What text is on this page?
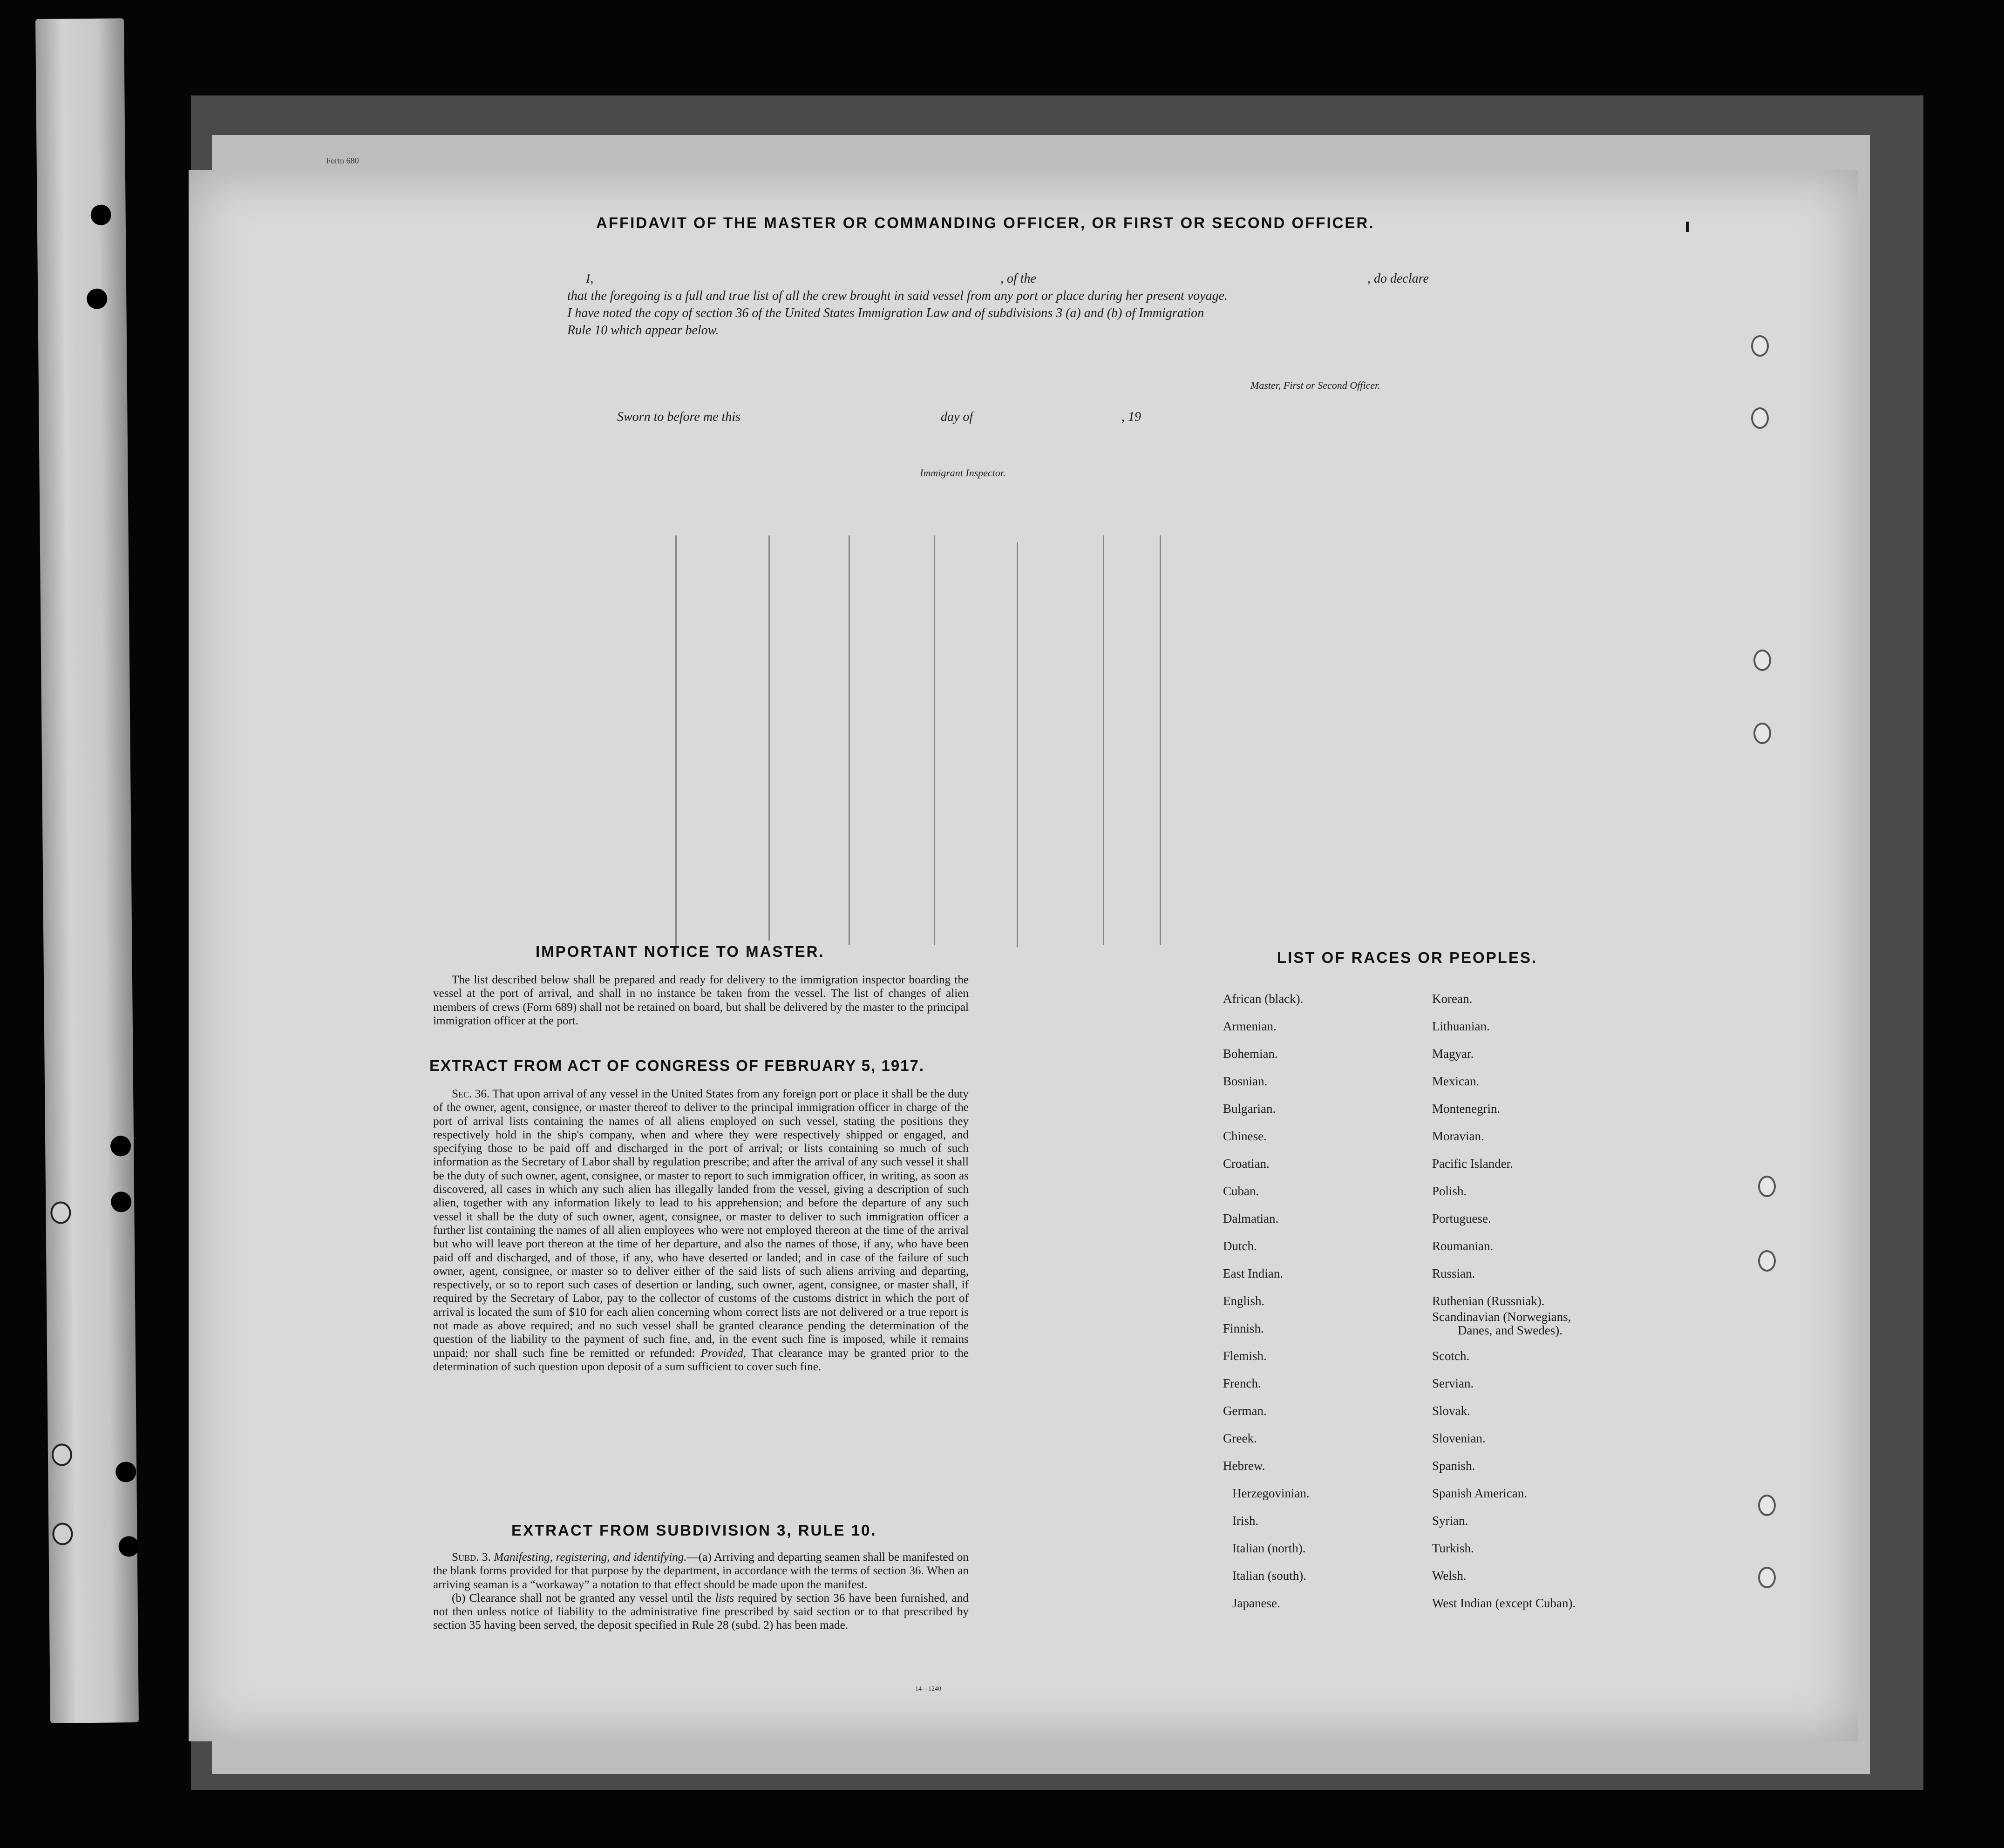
Form 680
AFFIDAVIT OF THE MASTER OR COMMANDING OFFICER, OR FIRST OR SECOND OFFICER.
I,	, of the	, do declare
that the foregoing is a full and true list of all the crew brought in said vessel from any port or place during her present voyage.
I have noted the copy of section 36 of the United States Immigration Law and of subdivisions 3 (a) and (b) of Immigration
Rule 10 which appear below.
Master, First or Second Officer.
Sworn to before me this	day of	, 19
Immigrant Inspector.
IMPORTANT NOTICE TO MASTER.
The list described below shall be prepared and ready for delivery to the immigration inspector boarding the vessel at the port of arrival, and shall in no instance be taken from the vessel. The list of changes of alien members of crews (Form 689) shall not be retained on board, but shall be delivered by the master to the principal immigration officer at the port.
EXTRACT FROM ACT OF CONGRESS OF FEBRUARY 5, 1917.
Sec. 36. That upon arrival of any vessel in the United States from any foreign port or place it shall be the duty of the owner, agent, consignee, or master thereof to deliver to the principal immigration officer in charge of the port of arrival lists containing the names of all aliens employed on such vessel, stating the positions they respectively hold in the ship's company, when and where they were respectively shipped or engaged, and specifying those to be paid off and discharged in the port of arrival; or lists containing so much of such information as the Secretary of Labor shall by regulation prescribe; and after the arrival of any such vessel it shall be the duty of such owner, agent, consignee, or master to report to such immigration officer, in writing, as soon as discovered, all cases in which any such alien has illegally landed from the vessel, giving a description of such alien, together with any information likely to lead to his apprehension; and before the departure of any such vessel it shall be the duty of such owner, agent, consignee, or master to deliver to such immigration officer a further list containing the names of all alien employees who were not employed thereon at the time of the arrival but who will leave port thereon at the time of her departure, and also the names of those, if any, who have been paid off and discharged, and of those, if any, who have deserted or landed; and in case of the failure of such owner, agent, consignee, or master so to deliver either of the said lists of such aliens arriving and departing, respectively, or so to report such cases of desertion or landing, such owner, agent, consignee, or master shall, if required by the Secretary of Labor, pay to the collector of customs of the customs district in which the port of arrival is located the sum of $10 for each alien concerning whom correct lists are not delivered or a true report is not made as above required; and no such vessel shall be granted clearance pending the determination of the question of the liability to the payment of such fine, and, in the event such fine is imposed, while it remains unpaid; nor shall such fine be remitted or refunded: Provided, That clearance may be granted prior to the determination of such question upon deposit of a sum sufficient to cover such fine.
EXTRACT FROM SUBDIVISION 3, RULE 10.
Subd. 3. Manifesting, registering, and identifying.—(a) Arriving and departing seamen shall be manifested on the blank forms provided for that purpose by the department, in accordance with the terms of section 36. When an arriving seaman is a “workaway” a notation to that effect should be made upon the manifest.
(b) Clearance shall not be granted any vessel until the lists required by section 36 have been furnished, and not then unless notice of liability to the administrative fine prescribed by said section or to that prescribed by section 35 having been served, the deposit specified in Rule 28 (subd. 2) has been made.
14—1240
LIST OF RACES OR PEOPLES.
African (black).
Armenian.
Bohemian.
Bosnian.
Bulgarian.
Chinese.
Croatian.
Cuban.
Dalmatian.
Dutch.
East Indian.
English.
Finnish.
Flemish.
French.
German.
Greek.
Hebrew.
Herzegovinian.
Irish.
Italian (north).
Italian (south).
Japanese.
Korean.
Lithuanian.
Magyar.
Mexican.
Montenegrin.
Moravian.
Pacific Islander.
Polish.
Portuguese.
Roumanian.
Russian.
Ruthenian (Russniak).
Scandinavian (Norwegians,
Danes, and Swedes).
Scotch.
Servian.
Slovak.
Slovenian.
Spanish.
Spanish American.
Syrian.
Turkish.
Welsh.
West Indian (except Cuban).
